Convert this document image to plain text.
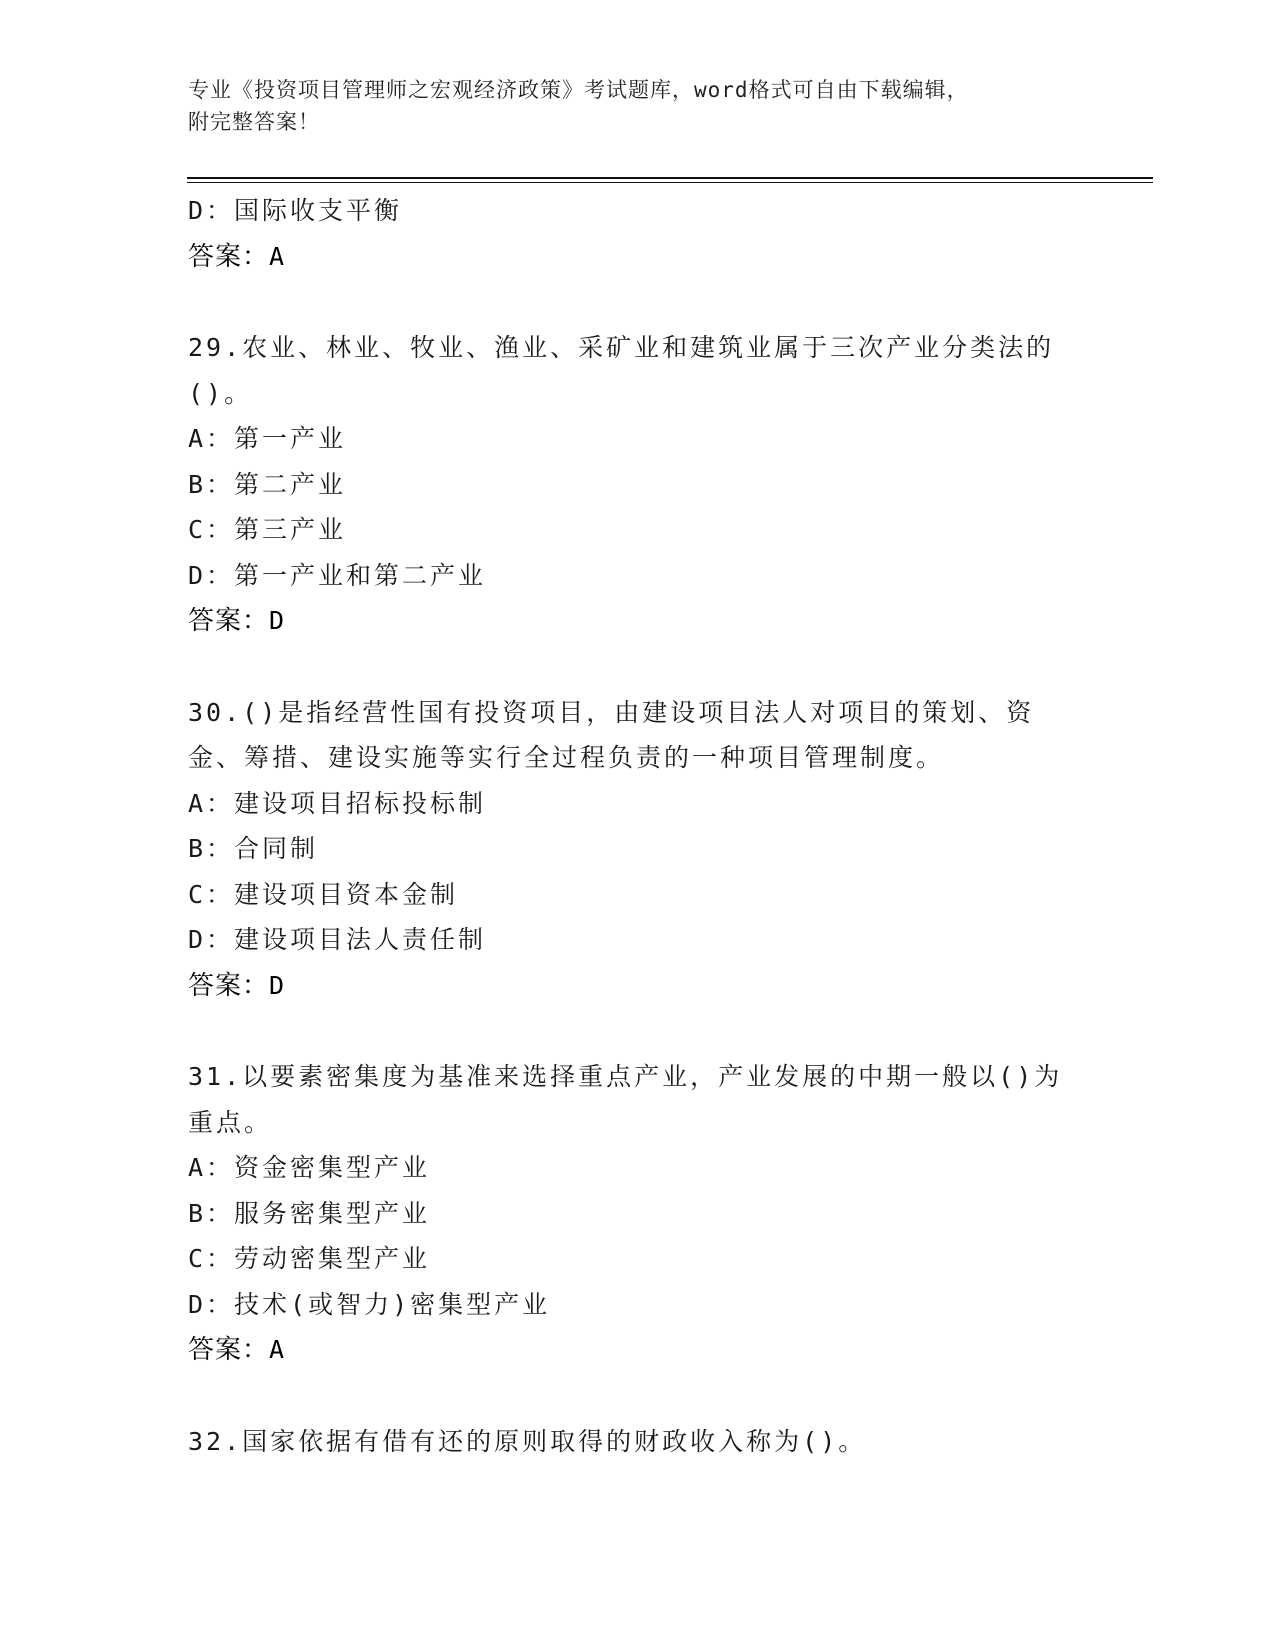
专业《投资项目管理师之宏观经济政策》考试题库，word格式可自由下载编辑，
附完整答案！
D：国际收支平衡
答案：A
29.农业、林业、牧业、渔业、采矿业和建筑业属于三次产业分类法的()。
A：第一产业
B：第二产业
C：第三产业
D：第一产业和第二产业
答案：D
30.()是指经营性国有投资项目，由建设项目法人对项目的策划、资金、筹措、建设实施等实行全过程负责的一种项目管理制度。
A：建设项目招标投标制
B：合同制
C：建设项目资本金制
D：建设项目法人责任制
答案：D
31.以要素密集度为基准来选择重点产业，产业发展的中期一般以()为重点。
A：资金密集型产业
B：服务密集型产业
C：劳动密集型产业
D：技术(或智力)密集型产业
答案：A
32.国家依据有借有还的原则取得的财政收入称为()。
